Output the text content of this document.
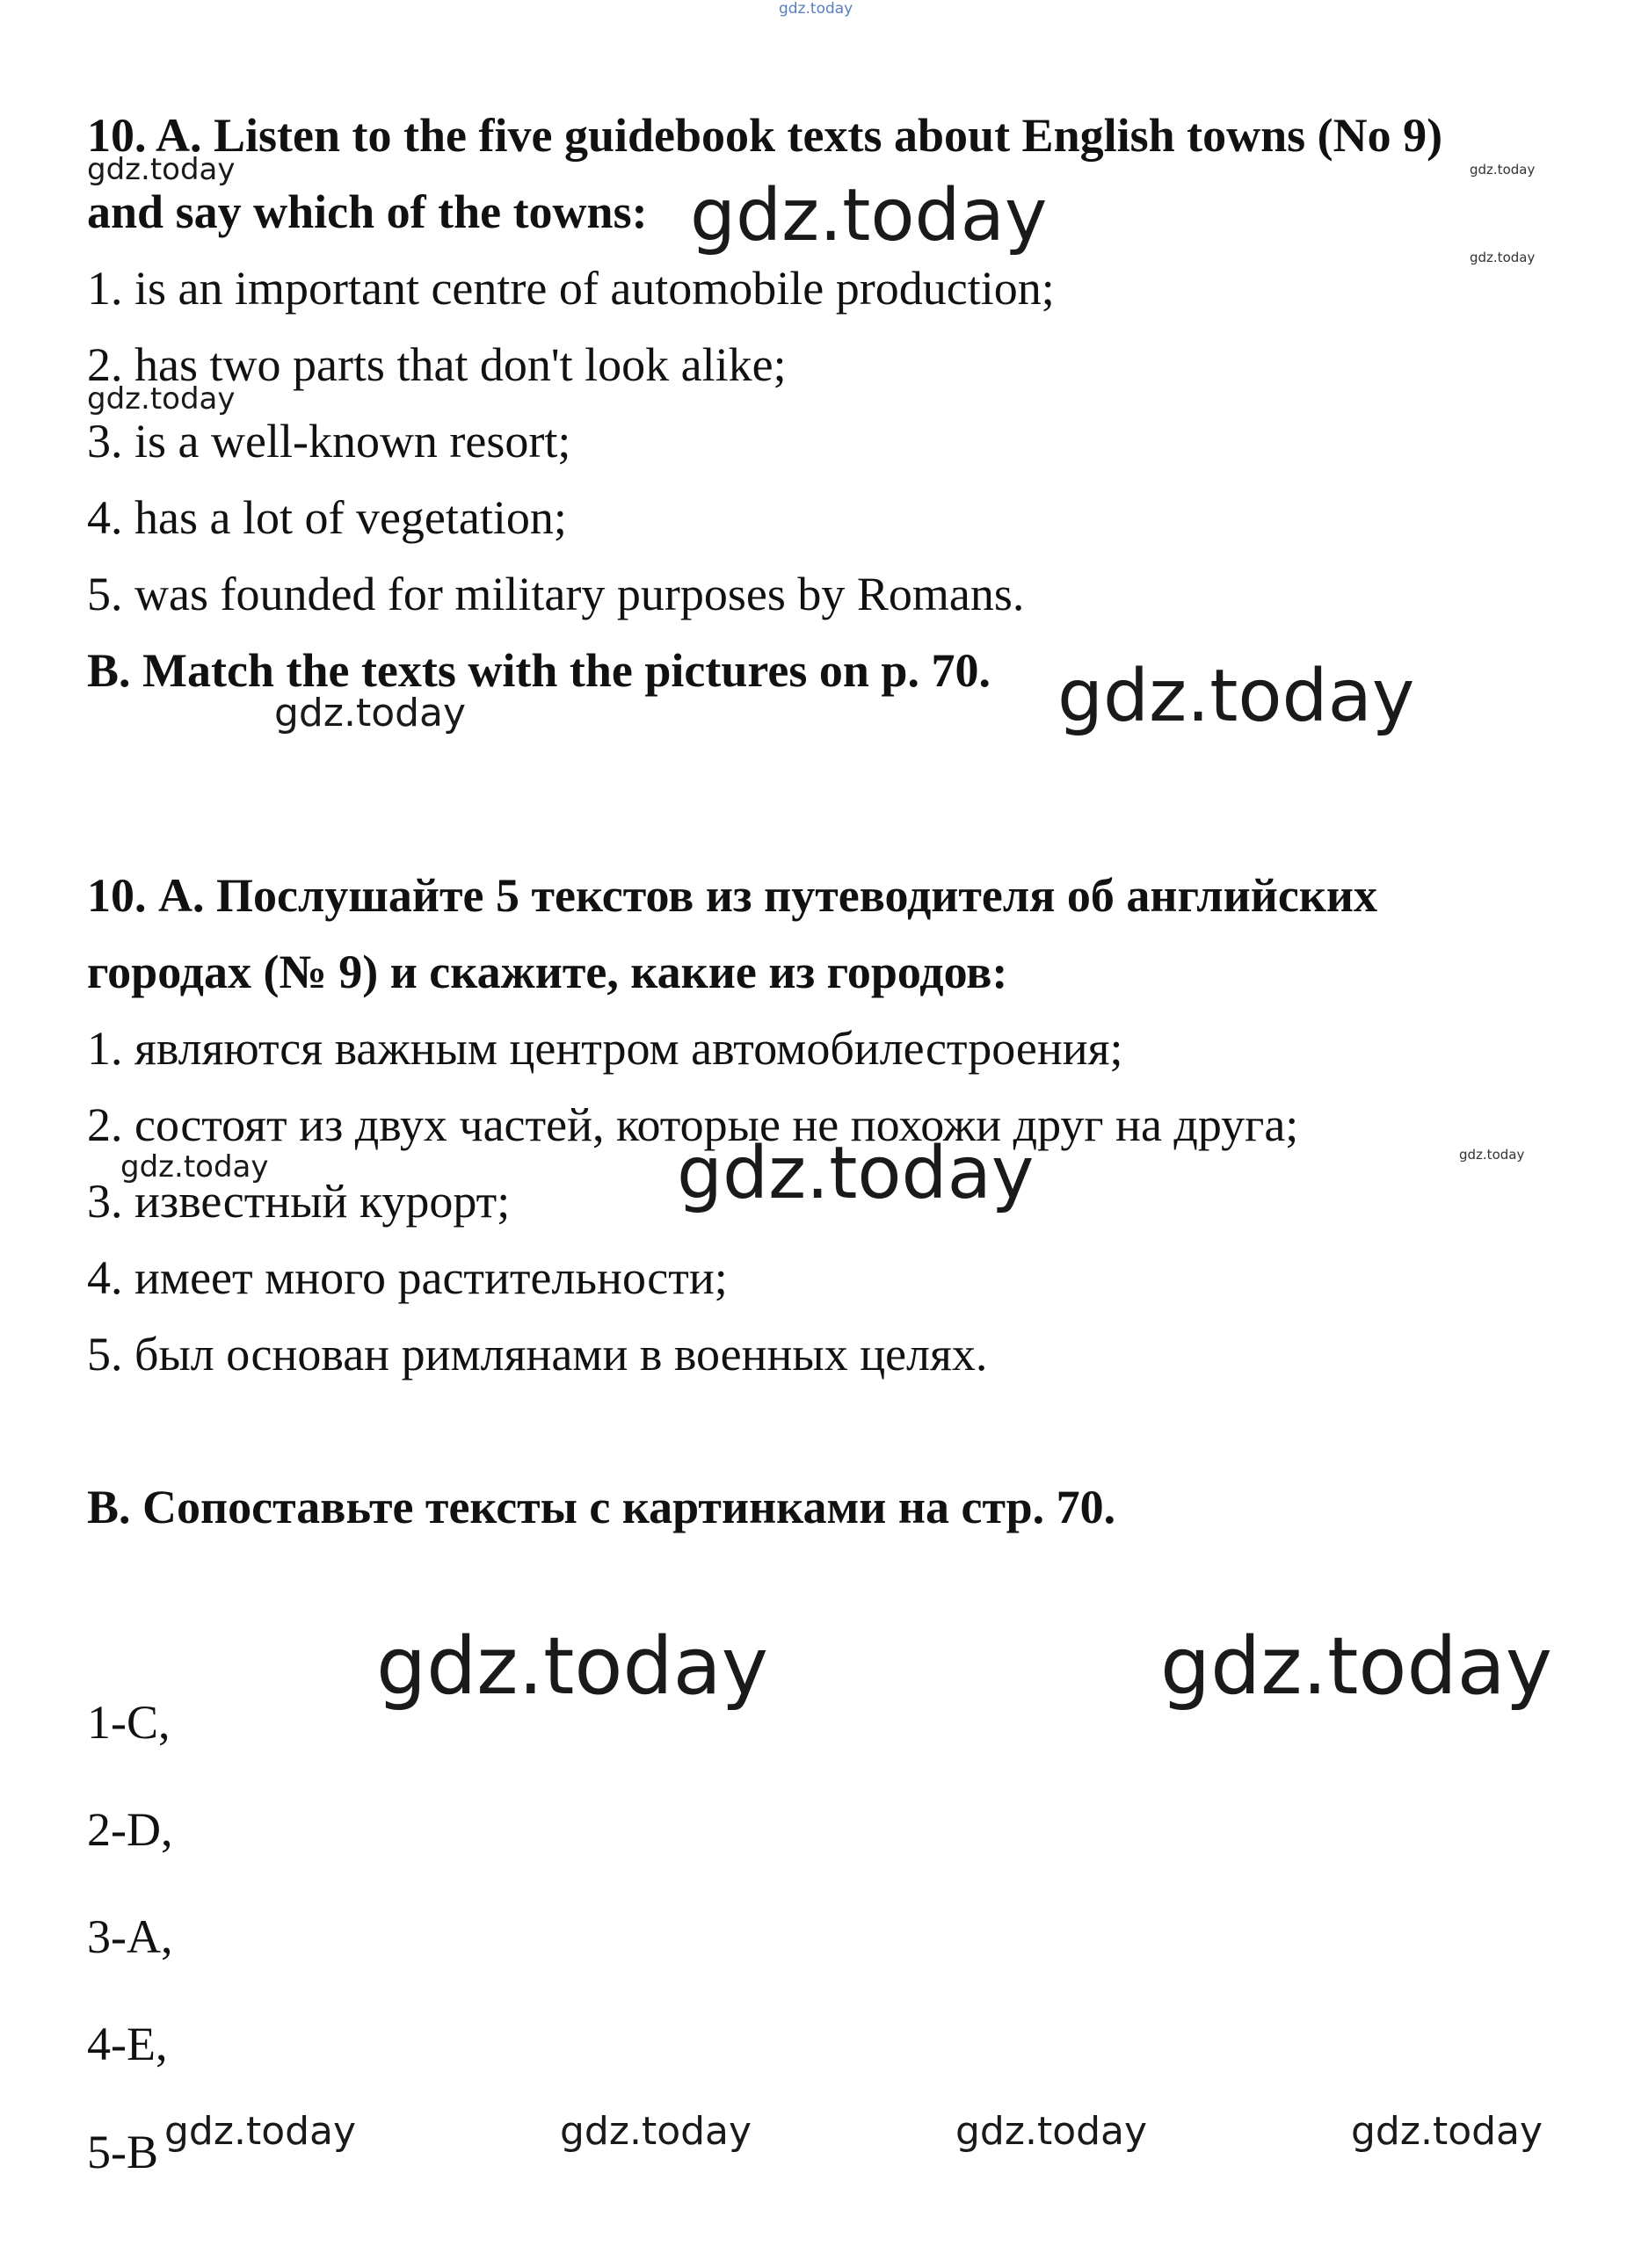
10. A. Listen to the five guidebook texts about English towns (No 9)
and say which of the towns:
1. is an important centre of automobile production;
2. has two parts that don't look alike;
3. is a well-known resort;
4. has a lot of vegetation;
5. was founded for military purposes by Romans.
B. Match the texts with the pictures on p. 70.
10. А. Послушайте 5 текстов из путеводителя об английских
городах (№ 9) и скажите, какие из городов:
1. являются важным центром автомобилестроения;
2. состоят из двух частей, которые не похожи друг на друга;
3. известный курорт;
4. имеет много растительности;
5. был основан римлянами в военных целях.
В. Сопоставьте тексты с картинками на стр. 70.
1-С,
2-D,
3-А,
4-Е,
5-В
gdz.today
gdz.today	gdz.today
gdz.today	gdz.today
gdz.today
gdz.today	gdz.today
gdz.today
gdz.today	gdz.today
gdz.today	gdz.today
gdz.today	gdz.today	gdz.today	gdz.today
